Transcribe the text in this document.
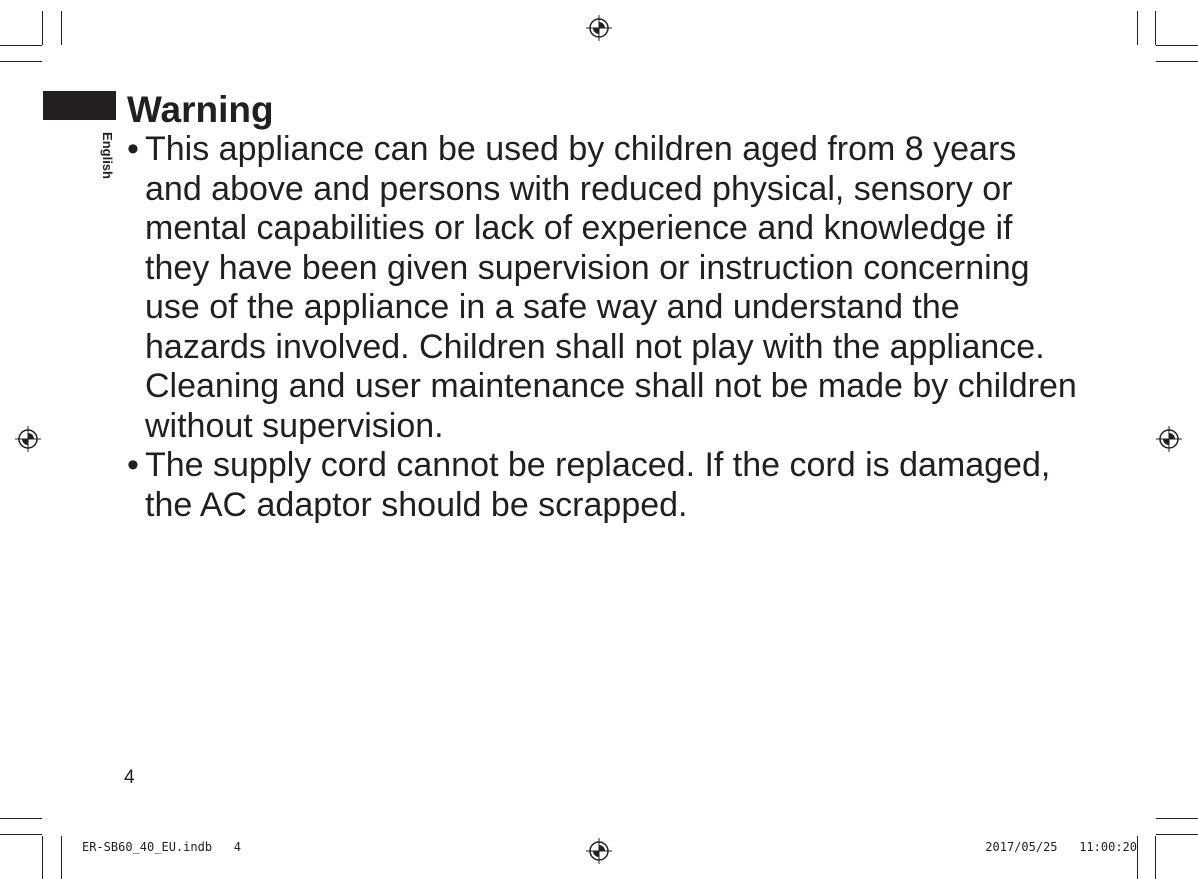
English
Warning
• This appliance can be used by children aged from 8 years and above and persons with reduced physical, sensory or mental capabilities or lack of experience and knowledge if they have been given supervision or instruction concerning use of the appliance in a safe way and understand the hazards involved. Children shall not play with the appliance. Cleaning and user maintenance shall not be made by children without supervision.
• The supply cord cannot be replaced. If the cord is damaged, the AC adaptor should be scrapped.
4
ER-SB60_40_EU.indb   4	2017/05/25   11:00:20
